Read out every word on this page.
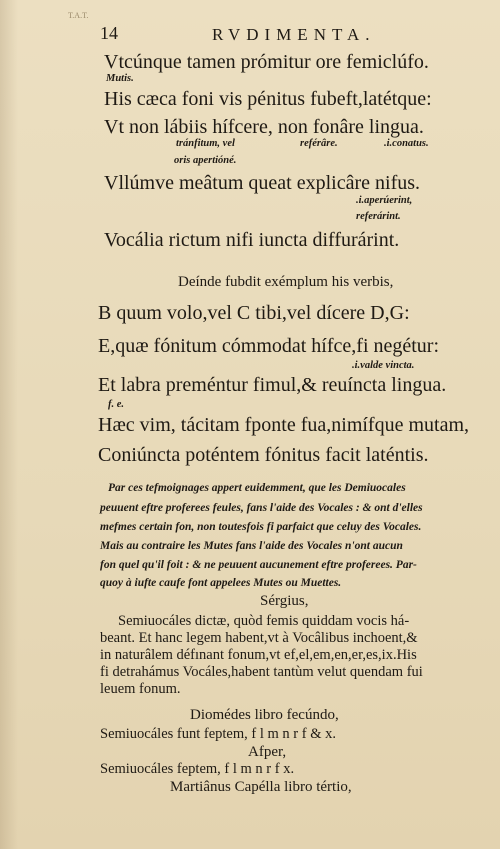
T.A.T.
14	RVDIMENTA.
Vtcúnque tamen prómitur ore femiclúfo.
Mutis.
His cæca foni vis pénitus fubeft,latétque:
Vt non lábiis hífcere, non fonâre lingua.
tránfitum, vel	reférâre.	.i.conatus.
oris apertióné.
Vllúmve meâtum queat explicâre nifus.
.i.aperúerint,
referárint.
Vocália rictum nifi iuncta diffurárint.
Deínde fubdit exémplum his verbis,
B quum volo,vel C tibi,vel dícere D,G:
E,quæ fónitum cómmodat hífce,fi negétur:
.i.valde vincta.
Et labra preméntur fimul,& reuíncta lingua.
f. e.
Hæc vim, tácitam fponte fua,nimífque mutam,
Coniúncta poténtem fónitus facit laténtis.
Par ces tefmoignages appert euidemment, que les Demiuocales
peuuent eftre proferees feules, fans l'aide des Vocales : & ont d'elles
mefmes certain fon, non toutesfois fi parfaict que celuy des Vocales.
Mais au contraire les Mutes fans l'aide des Vocales n'ont aucun
fon quel qu'il foit : & ne peuuent aucunement eftre proferees. Par-
quoy à iufte caufe font appelees Mutes ou Muettes.
Sérgius,
Semiuocáles dictæ, quòd femis quiddam vocis há-
beant. Et hanc legem habent,vt à Vocâlibus inchoent,&
in naturâlem défınant fonum,vt ef,el,em,en,er,es,ix.His
fi detrahámus Vocáles,habent tantùm velut quendam fui
leuem fonum.
Diomédes libro fecúndo,
Semiuocáles funt feptem, f l m n r f & x.
Afper,
Semiuocáles feptem, f l m n r f x.
Martiânus Capélla libro tértio,
